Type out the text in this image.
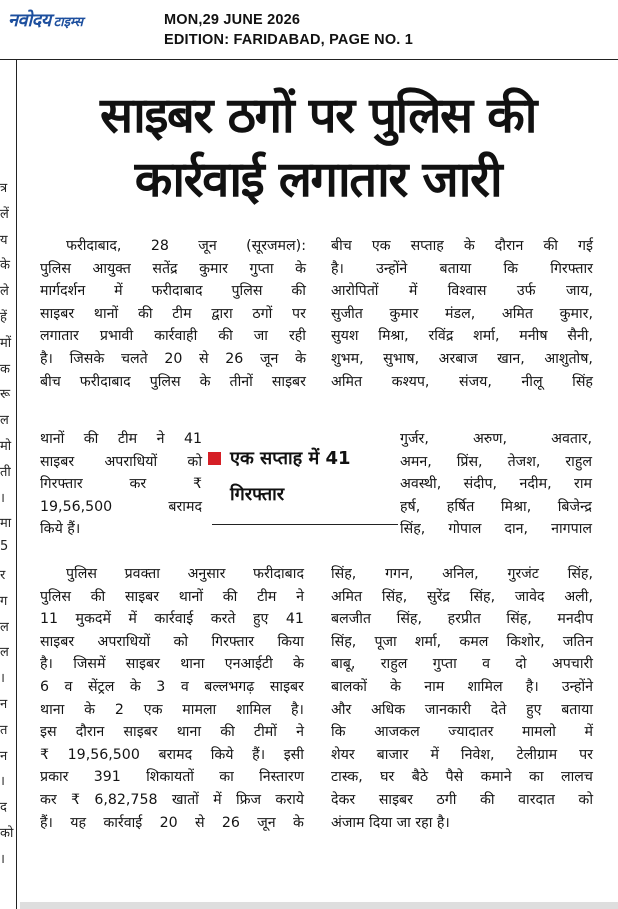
नवोदय टाइम्स	MON,29 JUNE 2026
EDITION: FARIDABAD, PAGE NO. 1
त्र
लें
य
के
ले
हें
मों
क
रू
ल
मो
ती
।
मा
5
र
ग
ल
ल
।
न
त
न
।
द
को
।
साइबर ठगों पर पुलिस की
कार्रवाई लगातार जारी
फरीदाबाद, 28 जून (सूरजमल):
पुलिस आयुक्त सतेंद्र कुमार गुप्ता के
मार्गदर्शन में फरीदाबाद पुलिस की
साइबर थानों की टीम द्वारा ठगों पर
लगातार प्रभावी कार्रवाही की जा रही
है। जिसके चलते 20 से 26 जून के
बीच फरीदाबाद पुलिस के तीनों साइबर
थानों की टीम ने 41
साइबर अपराधियों को
गिरफ्तार	कर	₹
19,56,500	बरामद
किये हैं।
पुलिस प्रवक्ता अनुसार फरीदाबाद
पुलिस की साइबर थानों की टीम ने
11 मुकदमें में कार्रवाई करते हुए 41
साइबर अपराधियों को गिरफ्तार किया
है। जिसमें साइबर थाना एनआईटी के
6 व सेंट्रल के 3 व बल्लभगढ़ साइबर
थाना के 2 एक मामला शामिल है।
इस दौरान साइबर थाना की टीमों ने
₹ 19,56,500 बरामद किये हैं। इसी
प्रकार 391 शिकायतों का निस्तारण
कर ₹ 6,82,758 खातों में फ्रिज कराये
हैं। यह कार्रवाई 20 से 26 जून के
एक सप्ताह में 41
गिरफ्तार
बीच एक सप्ताह के दौरान की गई
है। उन्होंने बताया कि गिरफ्तार
आरोपितों में विश्वास उर्फ जाय,
सुजीत कुमार मंडल, अमित कुमार,
सुयश मिश्रा, रविंद्र शर्मा, मनीष सैनी,
शुभम, सुभाष, अरबाज खान, आशुतोष,
अमित कश्यप, संजय, नीलू सिंह
गुर्जर,	अरुण,	अवतार,
अमन, प्रिंस, तेजश, राहुल
अवस्थी, संदीप, नदीम, राम
हर्ष, हर्षित मिश्रा, बिजेन्द्र
सिंह, गोपाल दान, नागपाल
सिंह, गगन, अनिल, गुरजंट सिंह,
अमित सिंह, सुरेंद्र सिंह, जावेद अली,
बलजीत सिंह, हरप्रीत सिंह, मनदीप
सिंह, पूजा शर्मा, कमल किशोर, जतिन
बाबू, राहुल गुप्ता व दो अपचारी
बालकों के नाम शामिल है। उन्होंने
और अधिक जानकारी देते हुए बताया
कि आजकल ज्यादातर मामलो में
शेयर बाजार में निवेश, टेलीग्राम पर
टास्क, घर बैठे पैसे कमाने का लालच
देकर साइबर ठगी की वारदात को
अंजाम दिया जा रहा है।
